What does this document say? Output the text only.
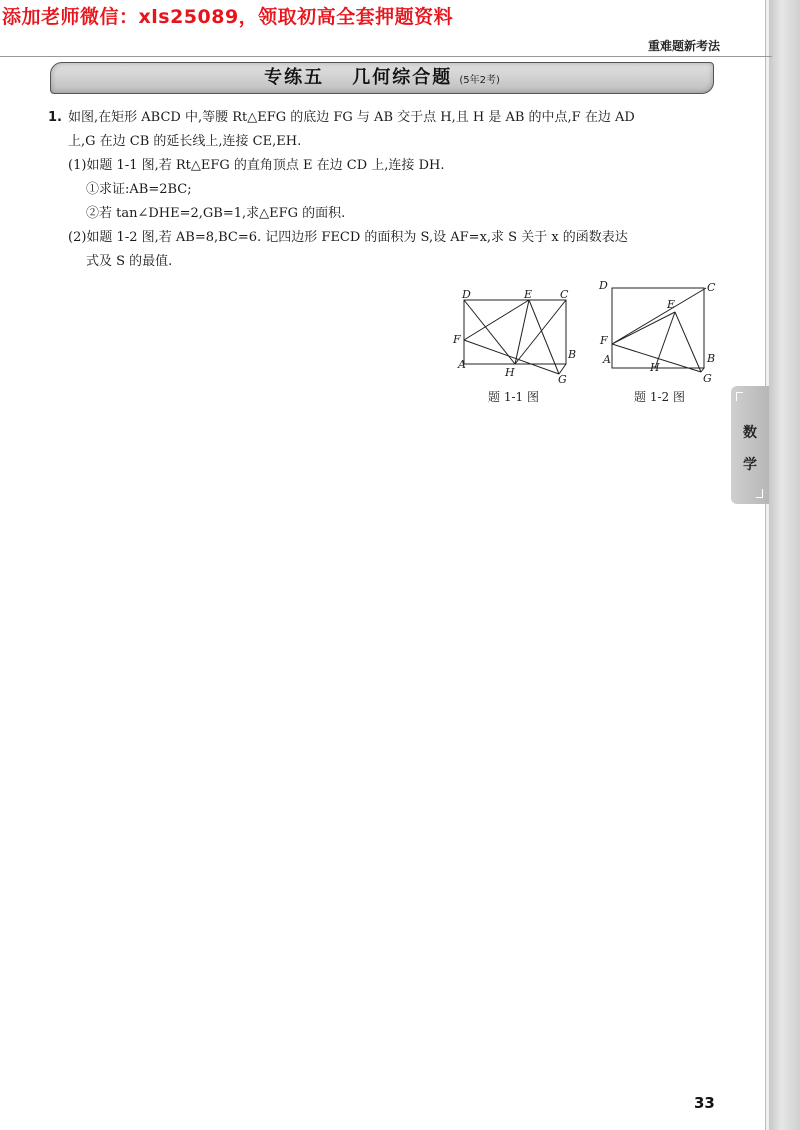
添加老师微信：xls25089，领取初高全套押题资料
重难题新考法
专练五 几何综合题 (5年2考)
1. 如图,在矩形 ABCD 中,等腰 Rt△EFG 的底边 FG 与 AB 交于点 H,且 H 是 AB 的中点,F 在边 AD
上,G 在边 CB 的延长线上,连接 CE,EH.
(1)如题 1-1 图,若 Rt△EFG 的直角顶点 E 在边 CD 上,连接 DH.
①求证:AB=2BC;
②若 tan∠DHE=2,GB=1,求△EFG 的面积.
(2)如题 1-2 图,若 AB=8,BC=6. 记四边形 FECD 的面积为 S,设 AF=x,求 S 关于 x 的函数表达
式及 S 的最值.
D	E	C
F
B
A
H
G
题 1-1 图
D	C
E
F
A
H
B
G
题 1-2 图
数
学
33
